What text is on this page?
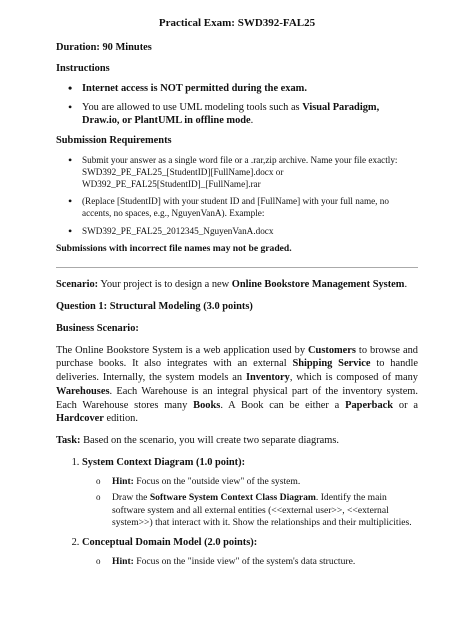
Practical Exam: SWD392-FAL25

Duration: 90 Minutes

Instructions
• Internet access is NOT permitted during the exam.
• You are allowed to use UML modeling tools such as Visual Paradigm, Draw.io, or PlantUML in offline mode.
Submission Requirements
• Submit your answer as a single word file or a .rar,zip archive. Name your file exactly:
SWD392_PE_FAL25_[StudentID][FullName].docx or
WD392_PE_FAL25[StudentID]_[FullName].rar
• (Replace [StudentID] with your student ID and [FullName] with your full name, no accents, no spaces, e.g., NguyenVanA). Example:
• SWD392_PE_FAL25_2012345_NguyenVanA.docx

Submissions with incorrect file names may not be graded.

Scenario: Your project is to design a new Online Bookstore Management System.

Question 1: Structural Modeling (3.0 points)

Business Scenario:

The Online Bookstore System is a web application used by Customers to browse and purchase books. It also integrates with an external Shipping Service to handle deliveries. Internally, the system models an Inventory, which is composed of many Warehouses. Each Warehouse is an integral physical part of the inventory system. Each Warehouse stores many Books. A Book can be either a Paperback or a Hardcover edition.

Task: Based on the scenario, you will create two separate diagrams.

1. System Context Diagram (1.0 point):
o Hint: Focus on the "outside view" of the system.
o Draw the Software System Context Class Diagram. Identify the main software system and all external entities (<<external user>>, <<external system>>) that interact with it. Show the relationships and their multiplicities.
2. Conceptual Domain Model (2.0 points):
o Hint: Focus on the "inside view" of the system's data structure.
